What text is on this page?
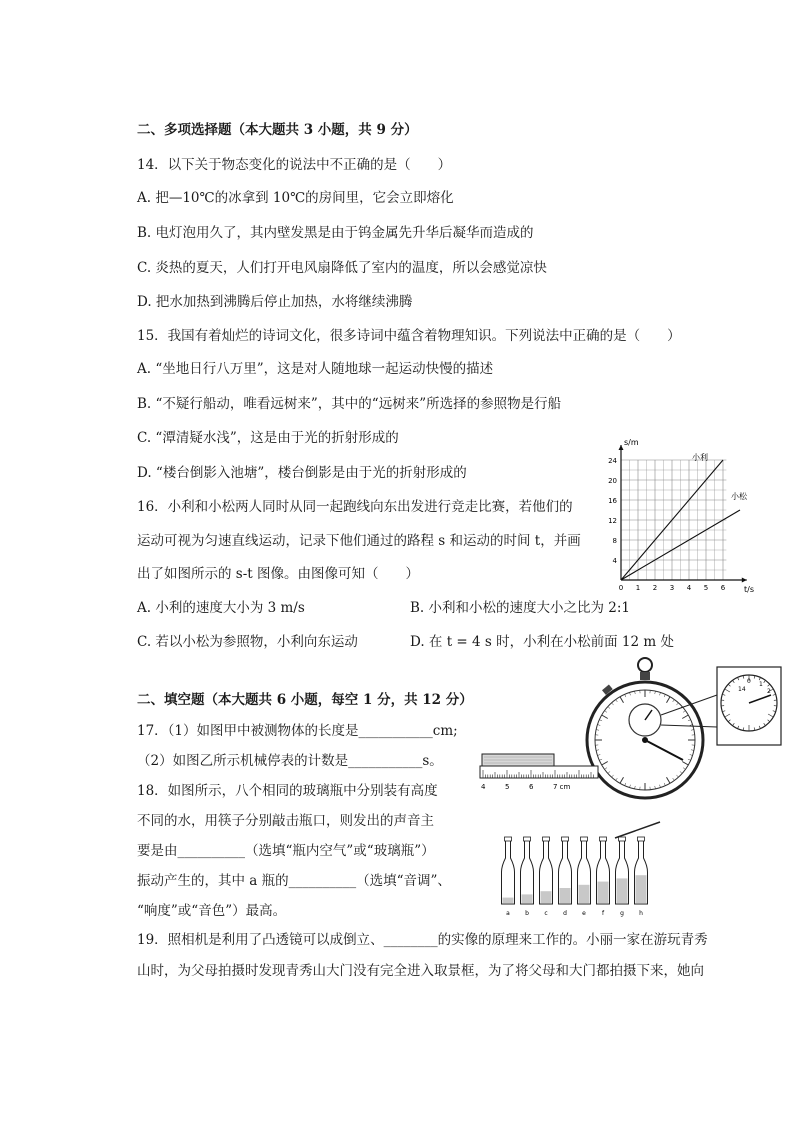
二、多项选择题（本大题共 3 小题，共 9 分）
14．以下关于物态变化的说法中不正确的是（　　）
A. 把—10℃的冰拿到 10℃的房间里，它会立即熔化
B. 电灯泡用久了，其内壁发黑是由于钨金属先升华后凝华而造成的
C. 炎热的夏天，人们打开电风扇降低了室内的温度，所以会感觉凉快
D. 把水加热到沸腾后停止加热，水将继续沸腾
15．我国有着灿烂的诗词文化，很多诗词中蕴含着物理知识。下列说法中正确的是（　　）
A. “坐地日行八万里”，这是对人随地球一起运动快慢的描述
B. “不疑行船动，唯看远树来”，其中的“远树来”所选择的参照物是行船
C. “潭清疑水浅”，这是由于光的折射形成的
D. “楼台倒影入池塘”，楼台倒影是由于光的折射形成的
16．小利和小松两人同时从同一起跑线向东出发进行竞走比赛，若他们的
运动可视为匀速直线运动，记录下他们通过的路程 s 和运动的时间 t，并画
出了如图所示的 s-t 图像。由图像可知（　　）
A. 小利的速度大小为 3 m/s	B. 小利和小松的速度大小之比为 2:1
C. 若以小松为参照物，小利向东运动	D. 在 t = 4 s 时，小利在小松前面 12 m 处
s/m
t/s
小利
小松
4
8
12
16
20
24
0 1 2 3 4 5 6
二、填空题（本大题共 6 小题，每空 1 分，共 12 分）
17．（1）如图甲中被测物体的长度是___________cm;
（2）如图乙所示机械停表的计数是___________s。
18．如图所示，八个相同的玻璃瓶中分别装有高度
不同的水，用筷子分别敲击瓶口，则发出的声音主
要是由__________（选填“瓶内空气”或“玻璃瓶”）
振动产生的，其中 a 瓶的__________（选填“音调”、
“响度”或“音色”）最高。
19．照相机是利用了凸透镜可以成倒立、________的实像的原理来工作的。小丽一家在游玩青秀
山时，为父母拍摄时发现青秀山大门没有完全进入取景框，为了将父母和大门都拍摄下来，她向
14
0 1
2
4	5	6	7 cm
a	b	c	d	e	f	g	h
